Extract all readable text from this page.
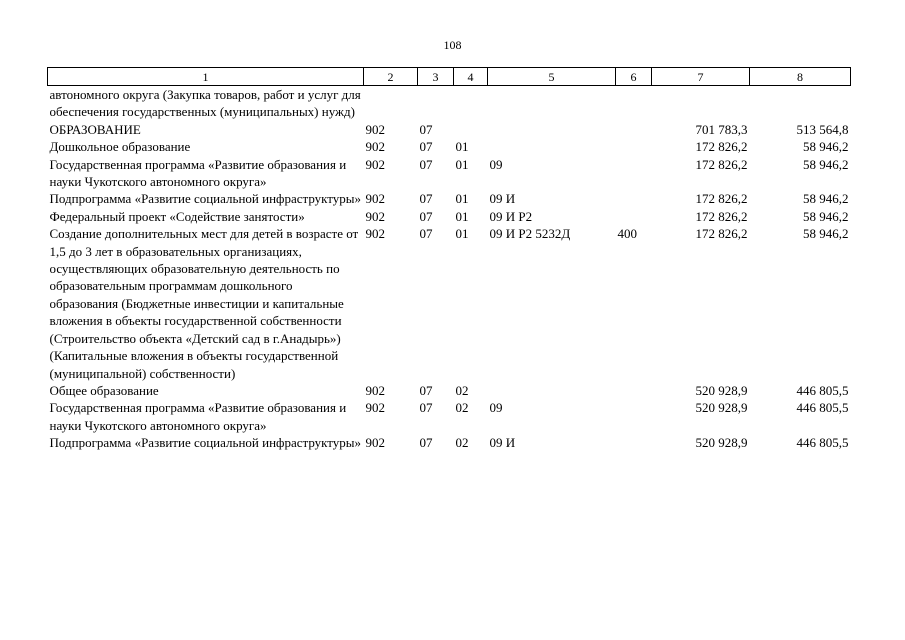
108
1	2	3	4	5	6	7	8
автономного округа (Закупка товаров, работ и услуг для обеспечения государственных (муниципальных) нужд)							
ОБРАЗОВАНИЕ	902	07				701 783,3	513 564,8
Дошкольное образование	902	07	01			172 826,2	58 946,2
Государственная программа «Развитие образования и науки Чукотского автономного округа»	902	07	01	09		172 826,2	58 946,2
Подпрограмма «Развитие социальной инфраструктуры»	902	07	01	09 И		172 826,2	58 946,2
Федеральный проект «Содействие занятости»	902	07	01	09 И Р2		172 826,2	58 946,2
Создание дополнительных мест для детей в возрасте от 1,5 до 3 лет в образовательных организациях, осуществляющих образовательную деятельность по образовательным программам дошкольного образования (Бюджетные инвестиции и капитальные вложения в объекты государственной собственности (Строительство объекта «Детский сад в г.Анадырь») (Капитальные вложения в объекты государственной (муниципальной) собственности)	902	07	01	09 И Р2 5232Д	400	172 826,2	58 946,2
Общее образование	902	07	02			520 928,9	446 805,5
Государственная программа «Развитие образования и науки Чукотского автономного округа»	902	07	02	09		520 928,9	446 805,5
Подпрограмма «Развитие социальной инфраструктуры»	902	07	02	09 И		520 928,9	446 805,5
